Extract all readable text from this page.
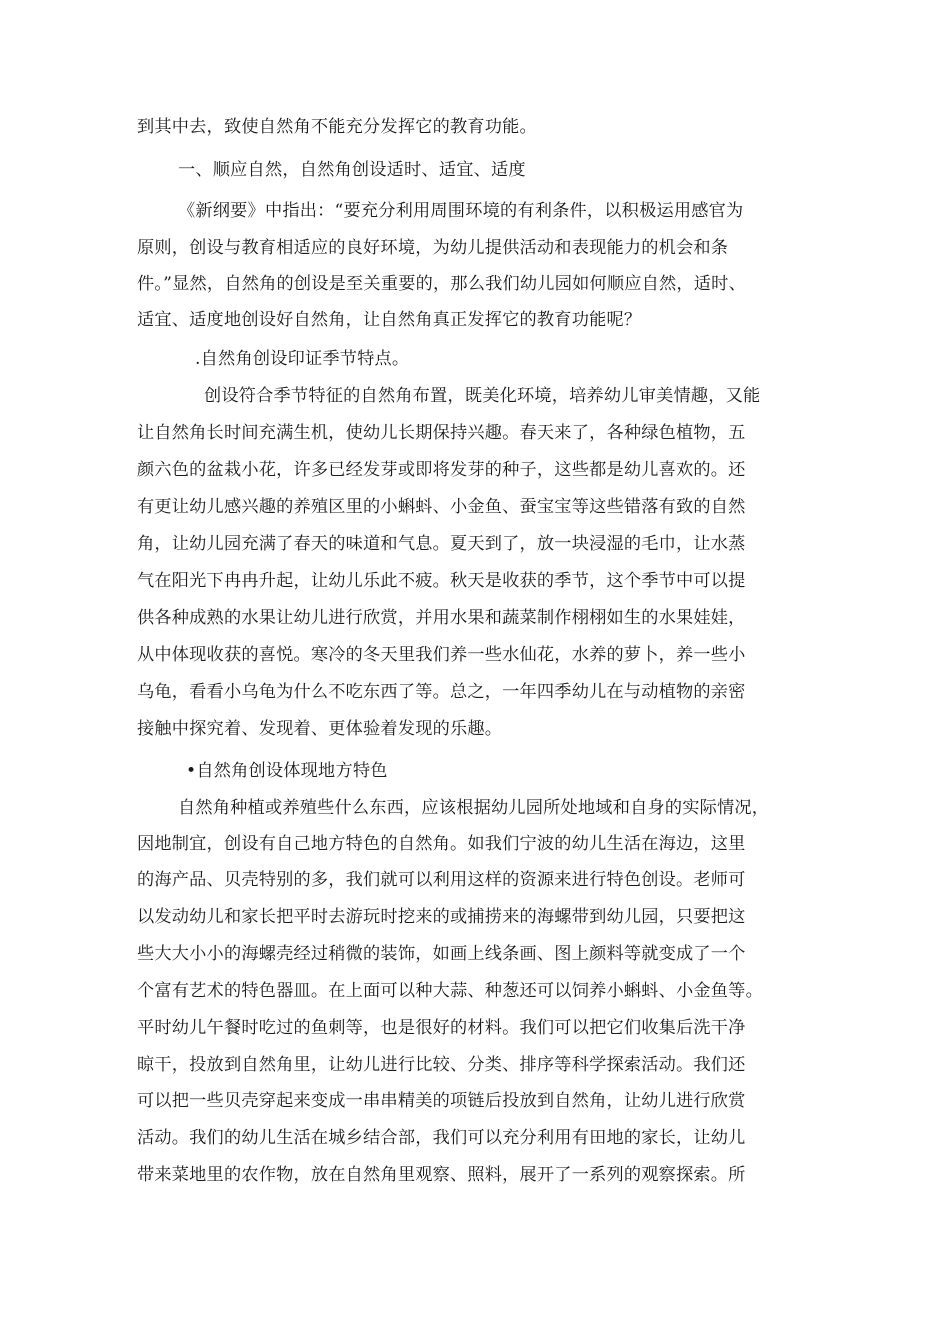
到其中去，致使自然角不能充分发挥它的教育功能。
一、顺应自然，自然角创设适时、适宜、适度
《新纲要》中指出：“要充分利用周围环境的有利条件，以积极运用感官为
原则，创设与教育相适应的良好环境，为幼儿提供活动和表现能力的机会和条
件。”显然，自然角的创设是至关重要的，那么我们幼儿园如何顺应自然，适时、
适宜、适度地创设好自然角，让自然角真正发挥它的教育功能呢？
.自然角创设印证季节特点。
创设符合季节特征的自然角布置，既美化环境，培养幼儿审美情趣，又能
让自然角长时间充满生机，使幼儿长期保持兴趣。春天来了，各种绿色植物，五
颜六色的盆栽小花，许多已经发芽或即将发芽的种子，这些都是幼儿喜欢的。还
有更让幼儿感兴趣的养殖区里的小蝌蚪、小金鱼、蚕宝宝等这些错落有致的自然
角，让幼儿园充满了春天的味道和气息。夏天到了，放一块浸湿的毛巾，让水蒸
气在阳光下冉冉升起，让幼儿乐此不疲。秋天是收获的季节，这个季节中可以提
供各种成熟的水果让幼儿进行欣赏，并用水果和蔬菜制作栩栩如生的水果娃娃，
从中体现收获的喜悦。寒冷的冬天里我们养一些水仙花，水养的萝卜，养一些小
乌龟，看看小乌龟为什么不吃东西了等。总之，一年四季幼儿在与动植物的亲密
接触中探究着、发现着、更体验着发现的乐趣。
•自然角创设体现地方特色
自然角种植或养殖些什么东西，应该根据幼儿园所处地域和自身的实际情况，
因地制宜，创设有自己地方特色的自然角。如我们宁波的幼儿生活在海边，这里
的海产品、贝壳特别的多，我们就可以利用这样的资源来进行特色创设。老师可
以发动幼儿和家长把平时去游玩时挖来的或捕捞来的海螺带到幼儿园，只要把这
些大大小小的海螺壳经过稍微的装饰，如画上线条画、图上颜料等就变成了一个
个富有艺术的特色器皿。在上面可以种大蒜、种葱还可以饲养小蝌蚪、小金鱼等。
平时幼儿午餐时吃过的鱼刺等，也是很好的材料。我们可以把它们收集后洗干净
晾干，投放到自然角里，让幼儿进行比较、分类、排序等科学探索活动。我们还
可以把一些贝壳穿起来变成一串串精美的项链后投放到自然角，让幼儿进行欣赏
活动。我们的幼儿生活在城乡结合部，我们可以充分利用有田地的家长，让幼儿
带来菜地里的农作物，放在自然角里观察、照料，展开了一系列的观察探索。所
